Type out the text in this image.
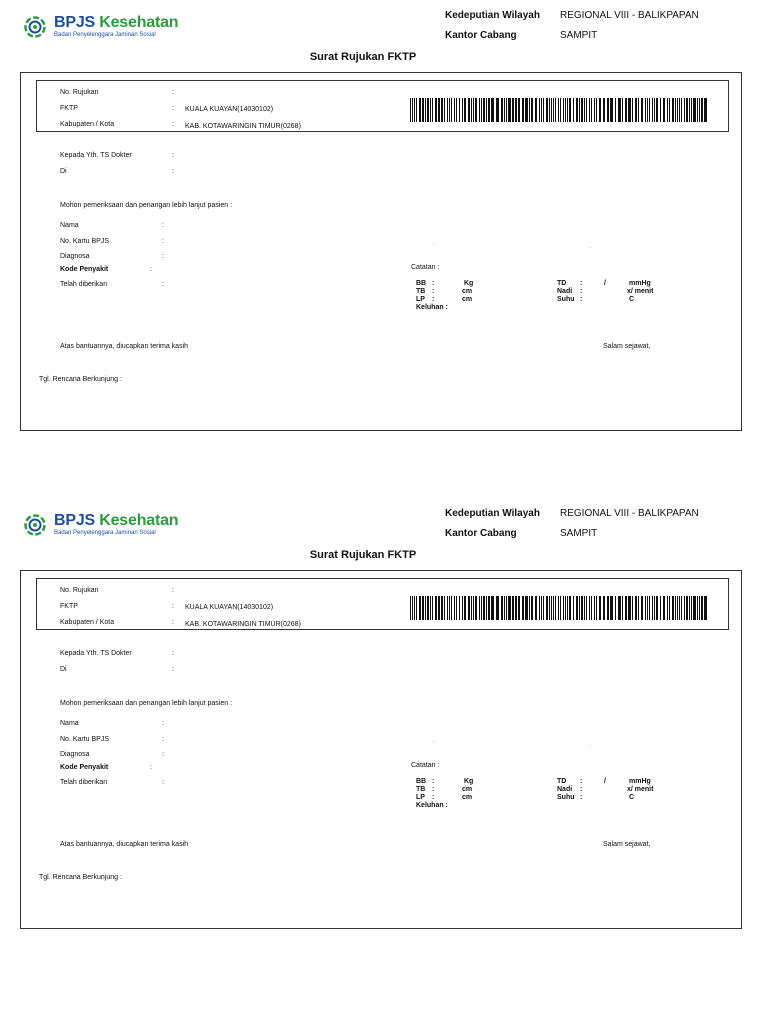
BPJS Kesehatan
Badan Penyelenggara Jaminan Sosial
Kedeputian Wilayah REGIONAL VIII - BALIKPAPAN
Kantor Cabang	SAMPIT
Surat Rujukan FKTP
No. Rujukan	:
FKTP	: KUALA KUAYAN(14030102)
Kabupaten / Kota	: KAB. KOTAWARINGIN TIMUR(0268)
Kepada Yth. TS Dokter	:
Di	:
Mohon pemeriksaan dan penangan lebih lanjut pasien :
Nama	:
No. Kartu BPJS	:
Diagnosa	:
Kode Penyakit	:
Telah diberikan	:
Catatan :
BB :	Kg
TB :	cm
LP :	cm
Keluhan :
TD :	/	mmHg
Nadi :	x/ menit
Suhu :	C
Atas bantuannya, diucapkan terima kasih	Salam sejawat,
Tgl. Rencana Berkunjung :
BPJS Kesehatan
Badan Penyelenggara Jaminan Sosial
Kedeputian Wilayah REGIONAL VIII - BALIKPAPAN
Kantor Cabang	SAMPIT
Surat Rujukan FKTP
No. Rujukan	:
FKTP	: KUALA KUAYAN(14030102)
Kabupaten / Kota	: KAB. KOTAWARINGIN TIMUR(0268)
Kepada Yth. TS Dokter	:
Di	:
Mohon pemeriksaan dan penangan lebih lanjut pasien :
Nama	:
No. Kartu BPJS	:
Diagnosa	:
Kode Penyakit	:
Telah diberikan	:
Catatan :
BB :	Kg
TB :	cm
LP :	cm
Keluhan :
TD :	/	mmHg
Nadi :	x/ menit
Suhu :	C
Atas bantuannya, diucapkan terima kasih	Salam sejawat,
Tgl. Rencana Berkunjung :
